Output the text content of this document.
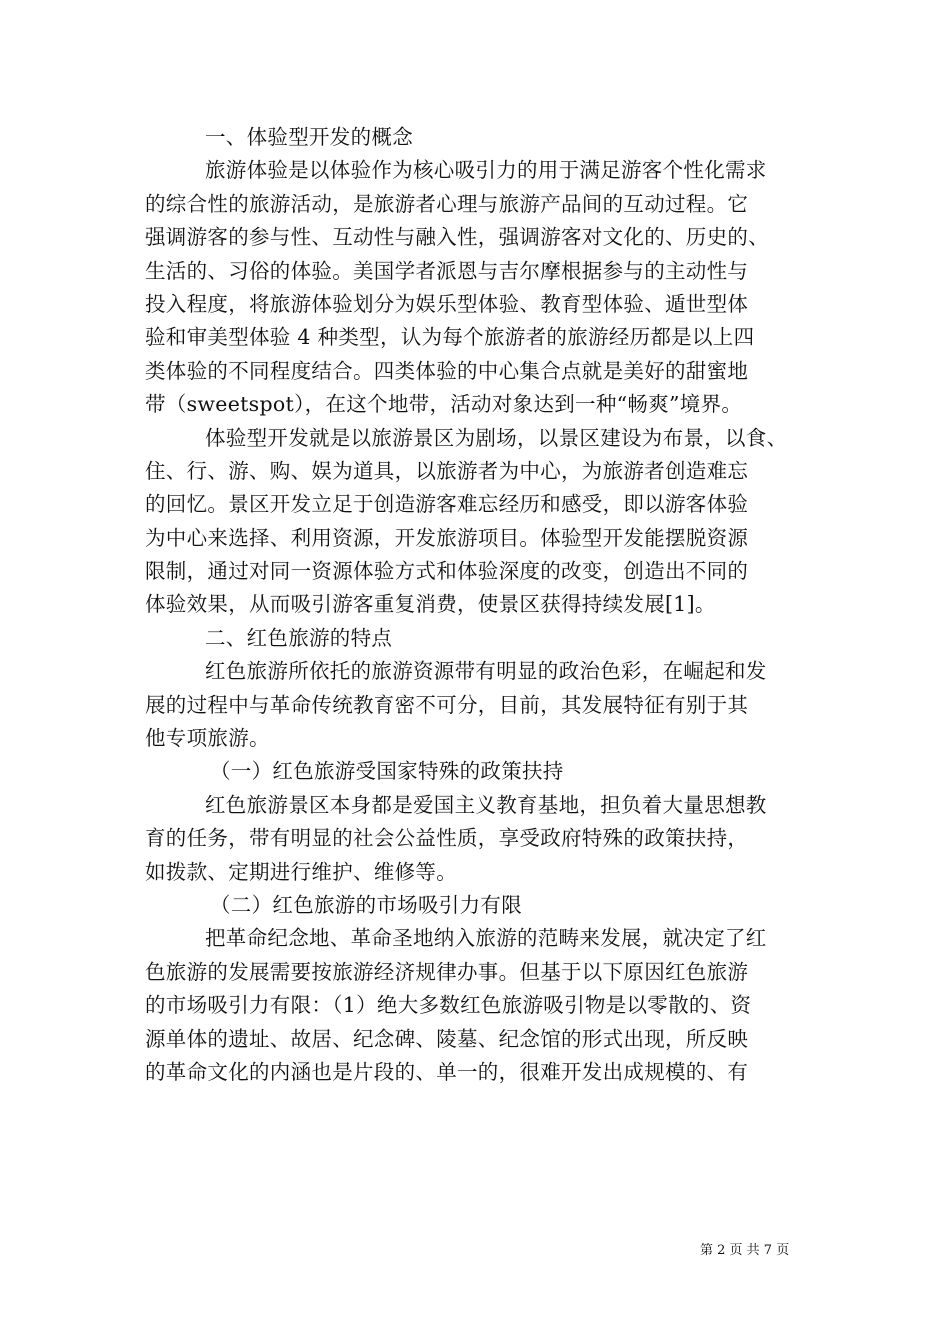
一、体验型开发的概念
旅游体验是以体验作为核心吸引力的用于满足游客个性化需求
的综合性的旅游活动，是旅游者心理与旅游产品间的互动过程。它
强调游客的参与性、互动性与融入性，强调游客对文化的、历史的、
生活的、习俗的体验。美国学者派恩与吉尔摩根据参与的主动性与
投入程度，将旅游体验划分为娱乐型体验、教育型体验、遁世型体
验和审美型体验 4 种类型，认为每个旅游者的旅游经历都是以上四
类体验的不同程度结合。四类体验的中心集合点就是美好的甜蜜地
带（sweetspot），在这个地带，活动对象达到一种“畅爽”境界。
体验型开发就是以旅游景区为剧场，以景区建设为布景，以食、
住、行、游、购、娱为道具，以旅游者为中心，为旅游者创造难忘
的回忆。景区开发立足于创造游客难忘经历和感受，即以游客体验
为中心来选择、利用资源，开发旅游项目。体验型开发能摆脱资源
限制，通过对同一资源体验方式和体验深度的改变，创造出不同的
体验效果，从而吸引游客重复消费，使景区获得持续发展[1]。
二、红色旅游的特点
红色旅游所依托的旅游资源带有明显的政治色彩，在崛起和发
展的过程中与革命传统教育密不可分，目前，其发展特征有别于其
他专项旅游。
（一）红色旅游受国家特殊的政策扶持
红色旅游景区本身都是爱国主义教育基地，担负着大量思想教
育的任务，带有明显的社会公益性质，享受政府特殊的政策扶持，
如拨款、定期进行维护、维修等。
（二）红色旅游的市场吸引力有限
把革命纪念地、革命圣地纳入旅游的范畴来发展，就决定了红
色旅游的发展需要按旅游经济规律办事。但基于以下原因红色旅游
的市场吸引力有限：（1）绝大多数红色旅游吸引物是以零散的、资
源单体的遗址、故居、纪念碑、陵墓、纪念馆的形式出现，所反映
的革命文化的内涵也是片段的、单一的，很难开发出成规模的、有
第 2 页 共 7 页
